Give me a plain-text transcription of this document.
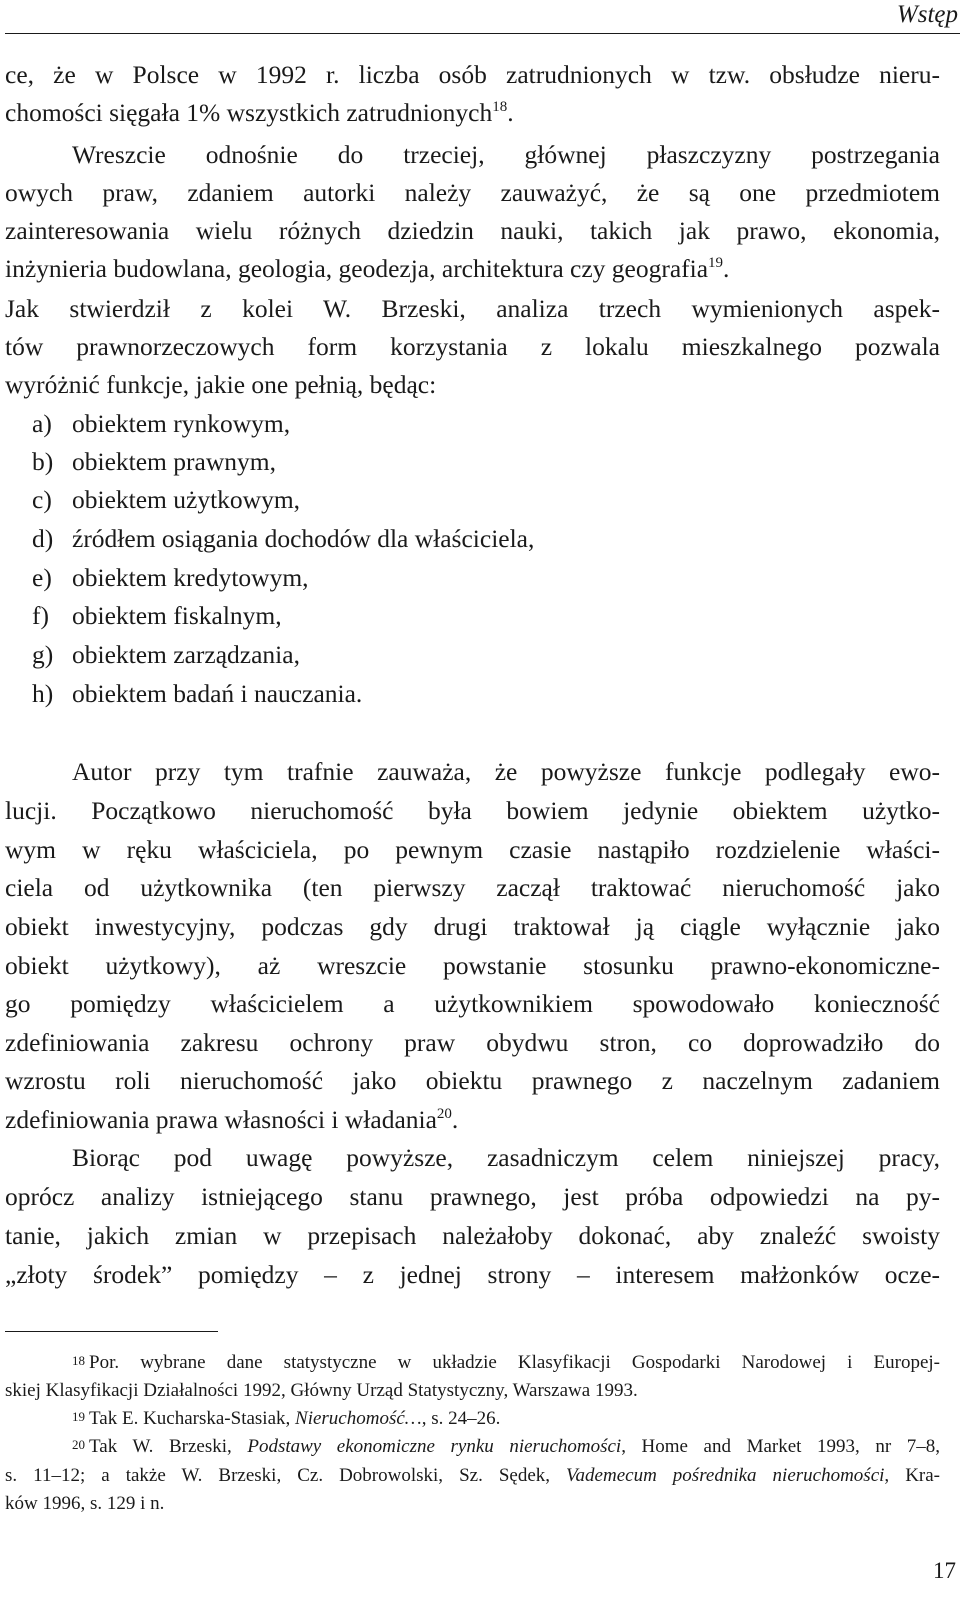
Wstęp
ce, że w Polsce w 1992 r. liczba osób zatrudnionych w tzw. obsłudze nieru-
chomości sięgała 1% wszystkich zatrudnionych$^{18}$.
Wreszcie odnośnie do trzeciej, głównej płaszczyzny postrzegania
owych praw, zdaniem autorki należy zauważyć, że są one przedmiotem
zainteresowania wielu różnych dziedzin nauki, takich jak prawo, ekonomia,
inżynieria budowlana, geologia, geodezja, architektura czy geografia$^{19}$.
Jak stwierdził z kolei W. Brzeski, analiza trzech wymienionych aspek-
tów prawnorzeczowych form korzystania z lokalu mieszkalnego pozwala
wyróżnić funkcje, jakie one pełnią, będąc:
a) obiektem rynkowym,
b) obiektem prawnym,
c) obiektem użytkowym,
d) źródłem osiągania dochodów dla właściciela,
e) obiektem kredytowym,
f) obiektem fiskalnym,
g) obiektem zarządzania,
h) obiektem badań i nauczania.
Autor przy tym trafnie zauważa, że powyższe funkcje podlegały ewo-
lucji. Początkowo nieruchomość była bowiem jedynie obiektem użytko-
wym w ręku właściciela, po pewnym czasie nastąpiło rozdzielenie właści-
ciela od użytkownika (ten pierwszy zaczął traktować nieruchomość jako
obiekt inwestycyjny, podczas gdy drugi traktował ją ciągle wyłącznie jako
obiekt użytkowy), aż wreszcie powstanie stosunku prawno-ekonomiczne-
go pomiędzy właścicielem a użytkownikiem spowodowało konieczność
zdefiniowania zakresu ochrony praw obydwu stron, co doprowadziło do
wzrostu roli nieruchomość jako obiektu prawnego z naczelnym zadaniem
zdefiniowania prawa własności i władania$^{20}$.
Biorąc pod uwagę powyższe, zasadniczym celem niniejszej pracy,
oprócz analizy istniejącego stanu prawnego, jest próba odpowiedzi na py-
tanie, jakich zmian w przepisach należałoby dokonać, aby znaleźć swoisty
„złoty środek” pomiędzy – z jednej strony – interesem małżonków ocze-
$^{18}$ Por. wybrane dane statystyczne w układzie Klasyfikacji Gospodarki Narodowej i Europej-
skiej Klasyfikacji Działalności 1992, Główny Urząd Statystyczny, Warszawa 1993.
$^{19}$ Tak E. Kucharska-Stasiak, Nieruchomość…, s. 24–26.
$^{20}$ Tak W. Brzeski, Podstawy ekonomiczne rynku nieruchomości, Home and Market 1993, nr 7–8,
s. 11–12; a także W. Brzeski, Cz. Dobrowolski, Sz. Sędek, Vademecum pośrednika nieruchomości, Kra-
ków 1996, s. 129 i n.
17
